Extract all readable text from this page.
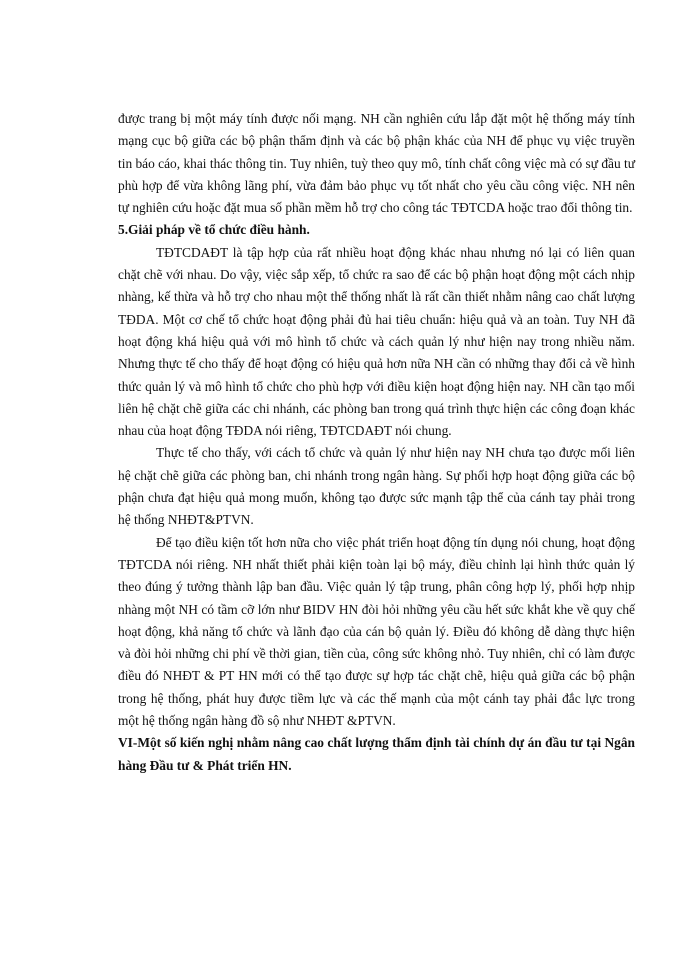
được trang bị một máy tính được nối mạng. NH cần nghiên cứu lắp đặt một hệ thống máy tính mạng cục bộ giữa các bộ phận thẩm định và các bộ phận khác của NH để phục vụ việc truyền tin báo cáo, khai thác thông tin. Tuy nhiên, tuỳ theo quy mô, tính chất công việc mà có sự đầu tư phù hợp để vừa không lãng phí, vừa đảm bảo phục vụ tốt nhất cho yêu cầu công việc. NH nên tự nghiên cứu hoặc đặt mua số phần mềm hỗ trợ cho công tác TĐTCDA hoặc trao đổi thông tin.

5.Giải pháp về tổ chức điều hành.

TĐTCDAĐT là tập hợp của rất nhiều hoạt động khác nhau nhưng nó lại có liên quan chặt chẽ với nhau. Do vậy, việc sắp xếp, tổ chức ra sao để các bộ phận hoạt động một cách nhịp nhàng, kế thừa và hỗ trợ cho nhau một thể thống nhất là rất cần thiết nhằm nâng cao chất lượng TĐDA. Một cơ chế tổ chức hoạt động phải đủ hai tiêu chuẩn: hiệu quả và an toàn. Tuy NH đã hoạt động khá hiệu quả với mô hình tổ chức và cách quản lý như hiện nay trong nhiều năm. Nhưng thực tế cho thấy để hoạt động có hiệu quả hơn nữa NH cần có những thay đổi cả về hình thức quản lý và mô hình tổ chức cho phù hợp với điều kiện hoạt động hiện nay. NH cần tạo mối liên hệ chặt chẽ giữa các chi nhánh, các phòng ban trong quá trình thực hiện các công đoạn khác nhau của hoạt động TĐDA nói riêng, TĐTCDAĐT nói chung.

Thực tế cho thấy, với cách tổ chức và quản lý như hiện nay NH chưa tạo được mối liên hệ chặt chẽ giữa các phòng ban, chi nhánh trong ngân hàng. Sự phối hợp hoạt động giữa các bộ phận chưa đạt hiệu quả mong muốn, không tạo được sức mạnh tập thể của cánh tay phải trong hệ thống NHĐT&PTVN.

Để tạo điều kiện tốt hơn nữa cho việc phát triển hoạt động tín dụng nói chung, hoạt động TĐTCDA nói riêng. NH nhất thiết phải kiện toàn lại bộ máy, điều chỉnh lại hình thức quản lý theo đúng ý tưởng thành lập ban đầu. Việc quản lý tập trung, phân công hợp lý, phối hợp nhịp nhàng một NH có tầm cỡ lớn như BIDV HN đòi hỏi những yêu cầu hết sức khắt khe về quy chế hoạt động, khả năng tổ chức và lãnh đạo của cán bộ quản lý. Điều đó không dễ dàng thực hiện và đòi hỏi những chi phí về thời gian, tiền của, công sức không nhỏ. Tuy nhiên, chỉ có làm được điều đó NHĐT & PT HN mới có thể tạo được sự hợp tác chặt chẽ, hiệu quả giữa các bộ phận trong hệ thống, phát huy được tiềm lực và các thế mạnh của một cánh tay phải đắc lực trong một hệ thống ngân hàng đồ sộ như NHĐT &PTVN.

VI-Một số kiến nghị nhằm nâng cao chất lượng thẩm định tài chính dự án đầu tư tại Ngân hàng Đầu tư & Phát triển HN.
